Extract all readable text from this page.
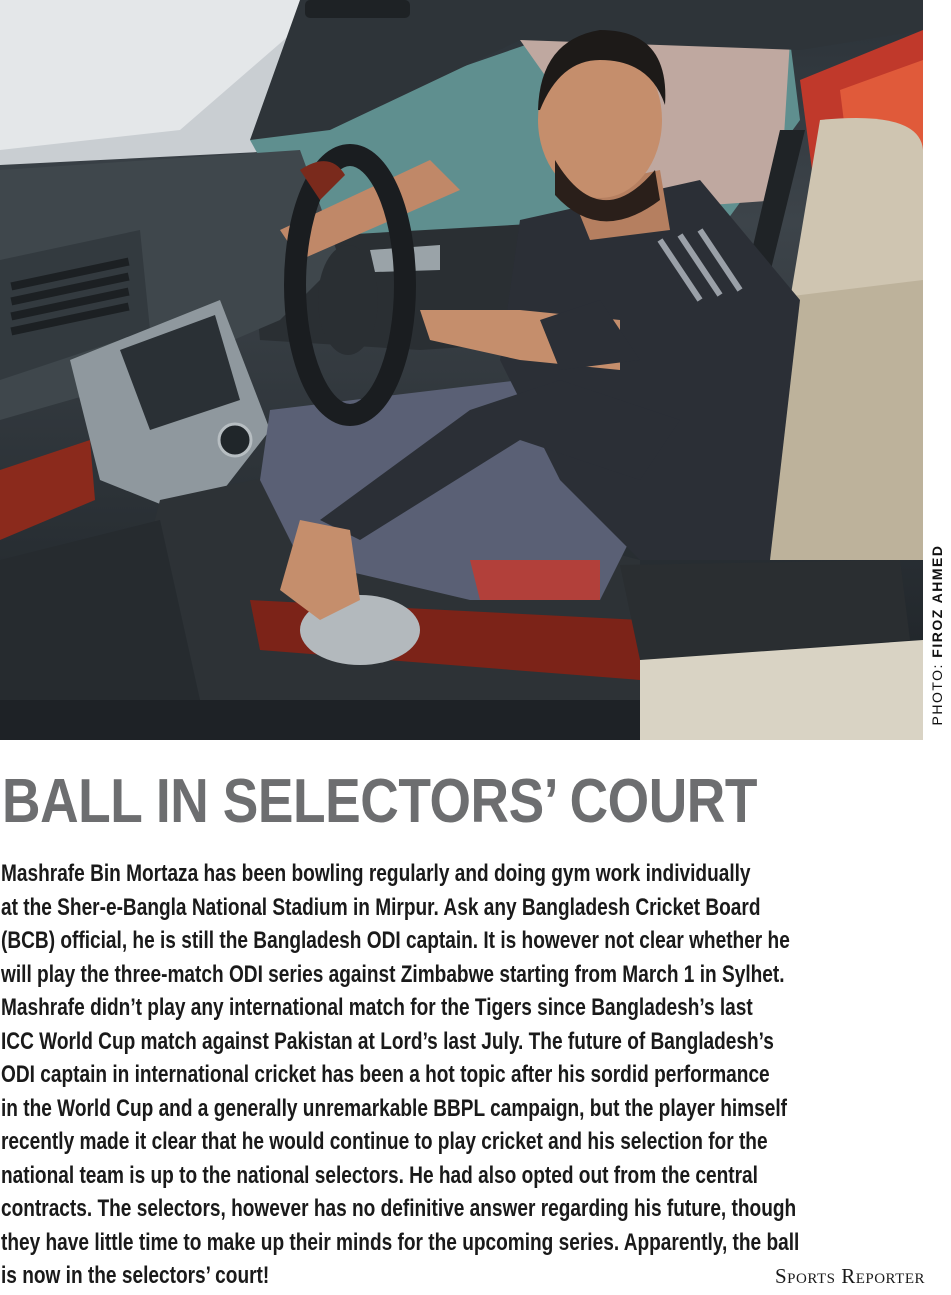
PHOTO: FIROZ AHMED
BALL IN SELECTORS’ COURT
Mashrafe Bin Mortaza has been bowling regularly and doing gym work individually
at the Sher-e-Bangla National Stadium in Mirpur. Ask any Bangladesh Cricket Board
(BCB) official, he is still the Bangladesh ODI captain. It is however not clear whether he
will play the three-match ODI series against Zimbabwe starting from March 1 in Sylhet.
Mashrafe didn’t play any international match for the Tigers since Bangladesh’s last
ICC World Cup match against Pakistan at Lord’s last July. The future of Bangladesh’s
ODI captain in international cricket has been a hot topic after his sordid performance
in the World Cup and a generally unremarkable BBPL campaign, but the player himself
recently made it clear that he would continue to play cricket and his selection for the
national team is up to the national selectors. He had also opted out from the central
contracts. The selectors, however has no definitive answer regarding his future, though
they have little time to make up their minds for the upcoming series. Apparently, the ball
is now in the selectors’ court!	Sports Reporter
